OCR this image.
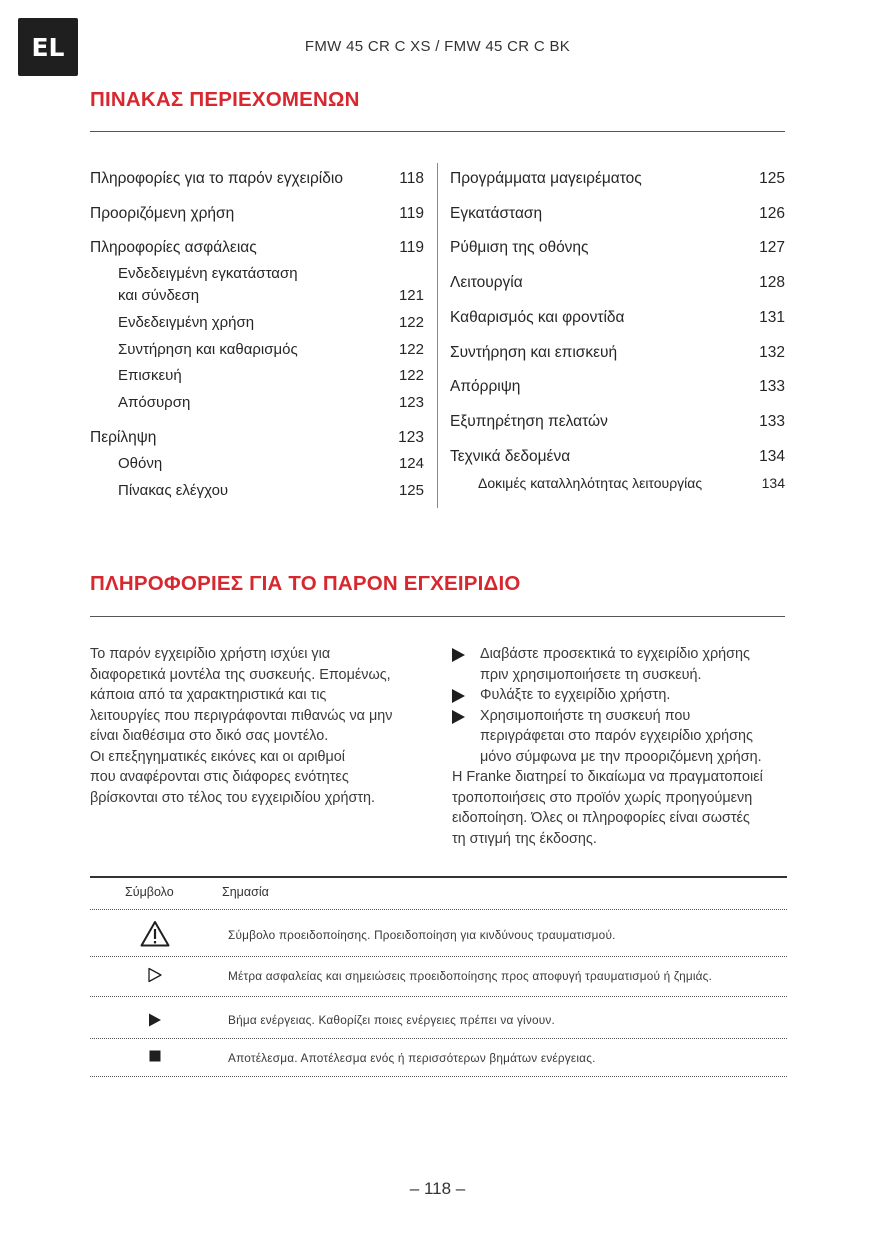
EL	FMW 45 CR C XS / FMW 45 CR C BK
ΠΙΝΑΚΑΣ ΠΕΡΙΕΧΟΜΕΝΩΝ
Πληροφορίες για το παρόν εγχειρίδιο	118
Προοριζόμενη χρήση	119
Πληροφορίες ασφάλειας	119
Ενδεδειγμένη εγκατάσταση
και σύνδεση	121
Ενδεδειγμένη χρήση	122
Συντήρηση και καθαρισμός	122
Επισκευή	122
Απόσυρση	123
Περίληψη	123
Οθόνη	124
Πίνακας ελέγχου	125
Προγράμματα μαγειρέματος	125
Εγκατάσταση	126
Ρύθμιση της οθόνης	127
Λειτουργία	128
Καθαρισμός και φροντίδα	131
Συντήρηση και επισκευή	132
Απόρριψη	133
Εξυπηρέτηση πελατών	133
Τεχνικά δεδομένα	134
Δοκιμές καταλληλότητας λειτουργίας	134
ΠΛΗΡΟΦΟΡΙΕΣ ΓΙΑ ΤΟ ΠΑΡΟΝ ΕΓΧΕΙΡΙΔΙΟ
Το παρόν εγχειρίδιο χρήστη ισχύει για
διαφορετικά μοντέλα της συσκευής. Επομένως,
κάποια από τα χαρακτηριστικά και τις
λειτουργίες που περιγράφονται πιθανώς να μην
είναι διαθέσιμα στο δικό σας μοντέλο.
Οι επεξηγηματικές εικόνες και οι αριθμοί
που αναφέρονται στις διάφορες ενότητες
βρίσκονται στο τέλος του εγχειριδίου χρήστη.
Διαβάστε προσεκτικά το εγχειρίδιο χρήσης
πριν χρησιμοποιήσετε τη συσκευή.
Φυλάξτε το εγχειρίδιο χρήστη.
Χρησιμοποιήστε τη συσκευή που
περιγράφεται στο παρόν εγχειρίδιο χρήσης
μόνο σύμφωνα με την προοριζόμενη χρήση.
Η Franke διατηρεί το δικαίωμα να πραγματοποιεί
τροποποιήσεις στο προϊόν χωρίς προηγούμενη
ειδοποίηση. Όλες οι πληροφορίες είναι σωστές
τη στιγμή της έκδοσης.
Σύμβολο	Σημασία
Σύμβολο προειδοποίησης. Προειδοποίηση για κινδύνους τραυματισμού.
Μέτρα ασφαλείας και σημειώσεις προειδοποίησης προς αποφυγή τραυματισμού ή ζημιάς.
Βήμα ενέργειας. Καθορίζει ποιες ενέργειες πρέπει να γίνουν.
Αποτέλεσμα. Αποτέλεσμα ενός ή περισσότερων βημάτων ενέργειας.
– 118 –
